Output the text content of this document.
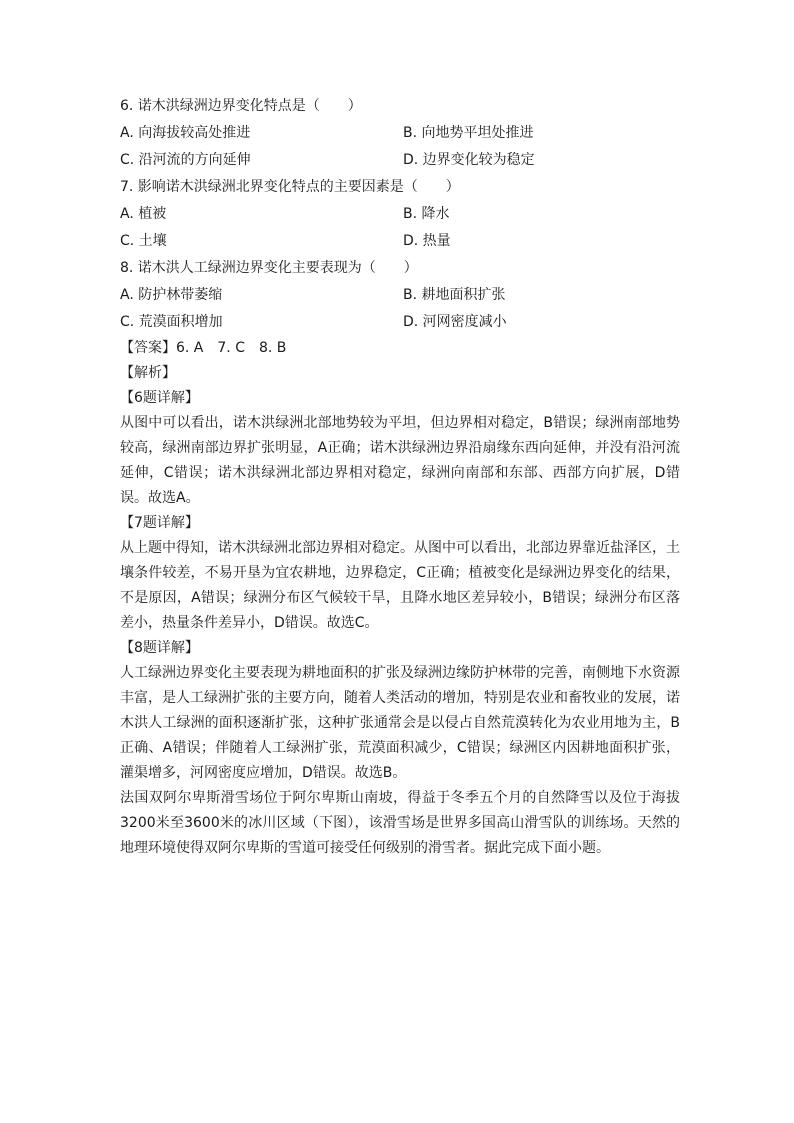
6. 诺木洪绿洲边界变化特点是（　　）
A. 向海拔较高处推进	B. 向地势平坦处推进
C. 沿河流的方向延伸	D. 边界变化较为稳定
7. 影响诺木洪绿洲北界变化特点的主要因素是（　　）
A. 植被	B. 降水
C. 土壤	D. 热量
8. 诺木洪人工绿洲边界变化主要表现为（　　）
A. 防护林带萎缩	B. 耕地面积扩张
C. 荒漠面积增加	D. 河网密度减小
【答案】6. A 7. C 8. B
【解析】
【6题详解】

从图中可以看出，诺木洪绿洲北部地势较为平坦，但边界相对稳定，B错误；绿洲南部地势较高，绿洲南部边界扩张明显，A正确；诺木洪绿洲边界沿扇缘东西向延伸，并没有沿河流延伸，C错误；诺木洪绿洲北部边界相对稳定，绿洲向南部和东部、西部方向扩展，D错误。故选A。

【7题详解】

从上题中得知，诺木洪绿洲北部边界相对稳定。从图中可以看出，北部边界靠近盐泽区，土壤条件较差，不易开垦为宜农耕地，边界稳定，C正确；植被变化是绿洲边界变化的结果，不是原因，A错误；绿洲分布区气候较干旱，且降水地区差异较小，B错误；绿洲分布区落差小，热量条件差异小，D错误。故选C。

【8题详解】

人工绿洲边界变化主要表现为耕地面积的扩张及绿洲边缘防护林带的完善，南侧地下水资源丰富，是人工绿洲扩张的主要方向，随着人类活动的增加，特别是农业和畜牧业的发展，诺木洪人工绿洲的面积逐渐扩张，这种扩张通常会是以侵占自然荒漠转化为农业用地为主，B正确、A错误；伴随着人工绿洲扩张，荒漠面积减少，C错误；绿洲区内因耕地面积扩张，灌渠增多，河网密度应增加，D错误。故选B。

法国双阿尔卑斯滑雪场位于阿尔卑斯山南坡，得益于冬季五个月的自然降雪以及位于海拔3200米至3600米的冰川区域（下图），该滑雪场是世界多国高山滑雪队的训练场。天然的地理环境使得双阿尔卑斯的雪道可接受任何级别的滑雪者。据此完成下面小题。
